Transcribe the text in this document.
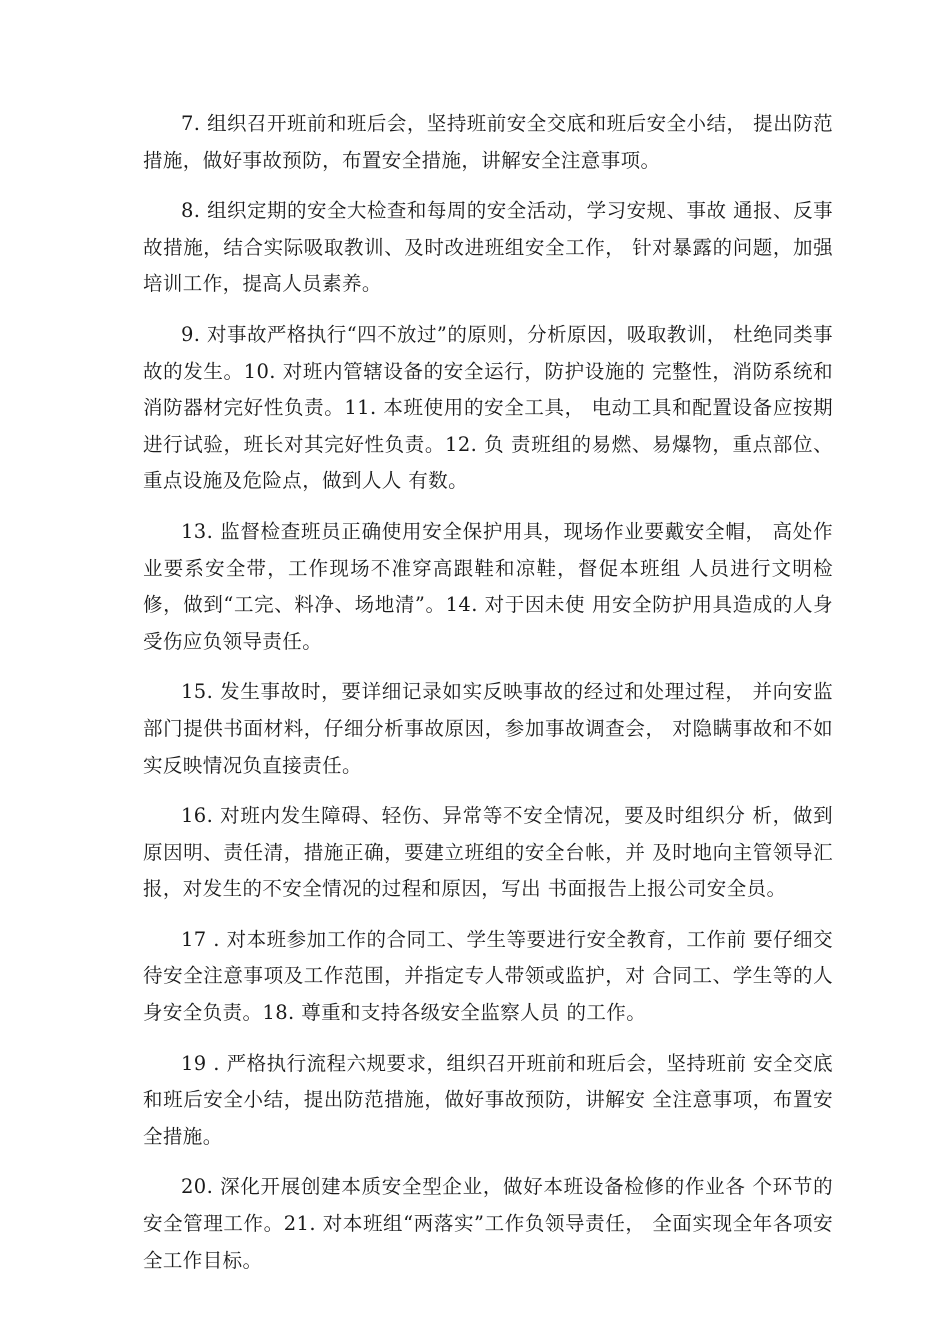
7. 组织召开班前和班后会，坚持班前安全交底和班后安全小结， 提出防范措施，做好事故预防，布置安全措施，讲解安全注意事项。

8. 组织定期的安全大检查和每周的安全活动，学习安规、事故 通报、反事故措施，结合实际吸取教训、及时改进班组安全工作， 针对暴露的问题，加强培训工作，提高人员素养。

9. 对事故严格执行“四不放过”的原则，分析原因，吸取教训， 杜绝同类事故的发生。10. 对班内管辖设备的安全运行，防护设施的 完整性，消防系统和消防器材完好性负责。11. 本班使用的安全工具， 电动工具和配置设备应按期进行试验，班长对其完好性负责。12. 负 责班组的易燃、易爆物，重点部位、重点设施及危险点，做到人人 有数。

13. 监督检查班员正确使用安全保护用具，现场作业要戴安全帽， 高处作业要系安全带，工作现场不准穿高跟鞋和凉鞋，督促本班组 人员进行文明检修，做到“工完、料净、场地清”。14. 对于因未使 用安全防护用具造成的人身受伤应负领导责任。

15. 发生事故时，要详细记录如实反映事故的经过和处理过程， 并向安监部门提供书面材料，仔细分析事故原因，参加事故调查会， 对隐瞒事故和不如实反映情况负直接责任。

16. 对班内发生障碍、轻伤、异常等不安全情况，要及时组织分 析，做到原因明、责任清，措施正确，要建立班组的安全台帐，并 及时地向主管领导汇报，对发生的不安全情况的过程和原因，写出 书面报告上报公司安全员。

17 . 对本班参加工作的合同工、学生等要进行安全教育，工作前 要仔细交待安全注意事项及工作范围，并指定专人带领或监护，对 合同工、学生等的人身安全负责。18. 尊重和支持各级安全监察人员 的工作。

19 . 严格执行流程六规要求，组织召开班前和班后会，坚持班前 安全交底和班后安全小结，提出防范措施，做好事故预防，讲解安 全注意事项，布置安全措施。

20. 深化开展创建本质安全型企业，做好本班设备检修的作业各 个环节的安全管理工作。21. 对本班组“两落实”工作负领导责任， 全面实现全年各项安全工作目标。
